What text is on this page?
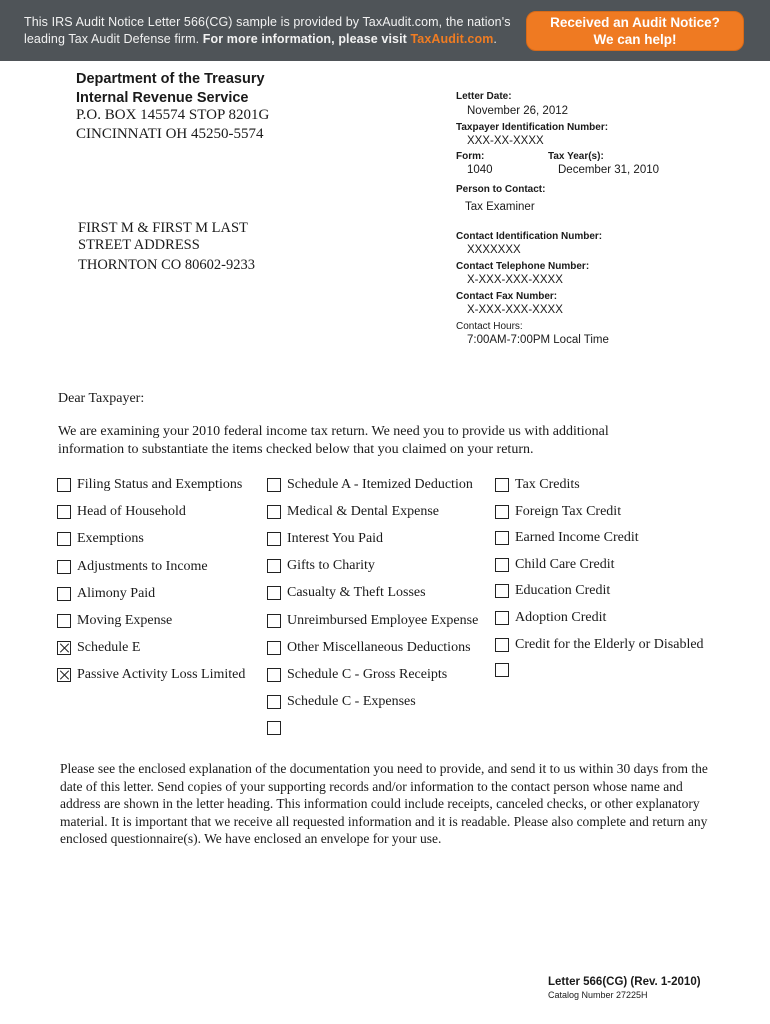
This IRS Audit Notice Letter 566(CG) sample is provided by TaxAudit.com, the nation's leading Tax Audit Defense firm. For more information, please visit TaxAudit.com.
Received an Audit Notice?
We can help!
Department of the Treasury
Internal Revenue Service
P.O. BOX 145574 STOP 8201G
CINCINNATI OH 45250-5574
FIRST M & FIRST M LAST
STREET ADDRESS
THORNTON CO 80602-9233
Letter Date:
November 26, 2012
Taxpayer Identification Number:
XXX-XX-XXXX
Form:	Tax Year(s):
1040	December 31, 2010
Person to Contact:
Tax Examiner
Contact Identification Number:
XXXXXXX
Contact Telephone Number:
X-XXX-XXX-XXXX
Contact Fax Number:
X-XXX-XXX-XXXX
Contact Hours:
7:00AM-7:00PM Local Time
Dear Taxpayer:
We are examining your 2010 federal income tax return. We need you to provide us with additional
information to substantiate the items checked below that you claimed on your return.
Filing Status and Exemptions
Head of Household
Exemptions
Adjustments to Income
Alimony Paid
Moving Expense
Schedule E
Passive Activity Loss Limited
Schedule A - Itemized Deduction
Medical & Dental Expense
Interest You Paid
Gifts to Charity
Casualty & Theft Losses
Unreimbursed Employee Expense
Other Miscellaneous Deductions
Schedule C - Gross Receipts
Schedule C - Expenses
Tax Credits
Foreign Tax Credit
Earned Income Credit
Child Care Credit
Education Credit
Adoption Credit
Credit for the Elderly or Disabled
Please see the enclosed explanation of the documentation you need to provide, and send it to us within 30 days from the date of this letter. Send copies of your supporting records and/or information to the contact person whose name and address are shown in the letter heading. This information could include receipts, canceled checks, or other explanatory material. It is important that we receive all requested information and it is readable. Please also complete and return any enclosed questionnaire(s). We have enclosed an envelope for your use.
Letter 566(CG) (Rev. 1-2010)
Catalog Number 27225H
